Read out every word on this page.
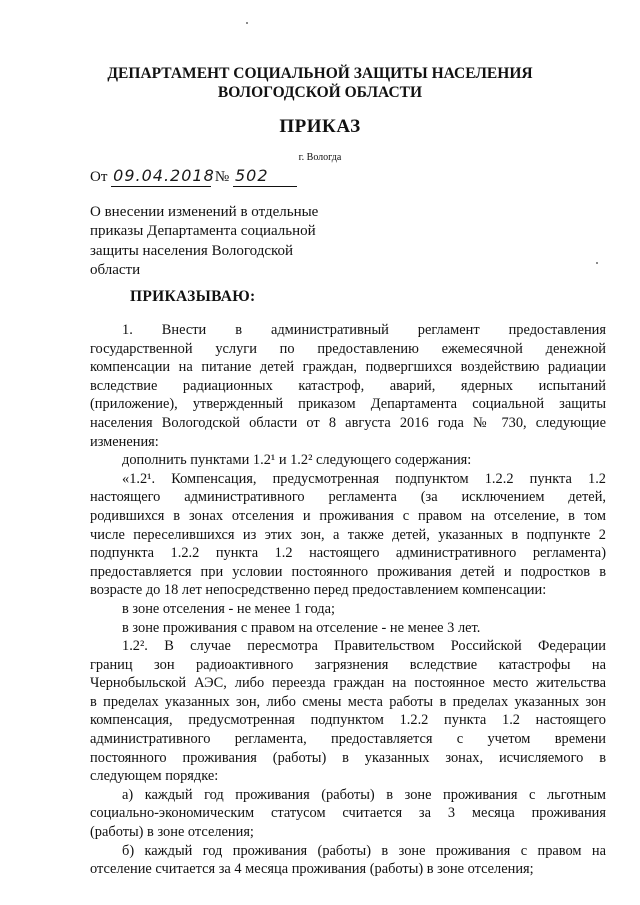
ДЕПАРТАМЕНТ СОЦИАЛЬНОЙ ЗАЩИТЫ НАСЕЛЕНИЯ
ВОЛОГОДСКОЙ ОБЛАСТИ
ПРИКАЗ
г. Вологда
От 09.04.2018 № 502
О внесении изменений в отдельные
приказы Департамента социальной
защиты населения Вологодской
области
ПРИКАЗЫВАЮ:
1. Внести в административный регламент предоставления
государственной услуги по предоставлению ежемесячной денежной
компенсации на питание детей граждан, подвергшихся воздействию радиации
вследствие радиационных катастроф, аварий, ядерных испытаний
(приложение), утвержденный приказом Департамента социальной защиты
населения Вологодской области от 8 августа 2016 года № 730, следующие
изменения:
дополнить пунктами 1.2¹ и 1.2² следующего содержания:
«1.2¹. Компенсация, предусмотренная подпунктом 1.2.2 пункта 1.2
настоящего административного регламента (за исключением детей,
родившихся в зонах отселения и проживания с правом на отселение, в том
числе переселившихся из этих зон, а также детей, указанных в подпункте 2
подпункта 1.2.2 пункта 1.2 настоящего административного регламента)
предоставляется при условии постоянного проживания детей и подростков в
возрасте до 18 лет непосредственно перед предоставлением компенсации:
в зоне отселения - не менее 1 года;
в зоне проживания с правом на отселение - не менее 3 лет.
1.2². В случае пересмотра Правительством Российской Федерации
границ зон радиоактивного загрязнения вследствие катастрофы на
Чернобыльской АЭС, либо переезда граждан на постоянное место жительства
в пределах указанных зон, либо смены места работы в пределах указанных зон
компенсация, предусмотренная подпунктом 1.2.2 пункта 1.2 настоящего
административного регламента, предоставляется с учетом времени
постоянного проживания (работы) в указанных зонах, исчисляемого в
следующем порядке:
а) каждый год проживания (работы) в зоне проживания с льготным
социально-экономическим статусом считается за 3 месяца проживания
(работы) в зоне отселения;
б) каждый год проживания (работы) в зоне проживания с правом на
отселение считается за 4 месяца проживания (работы) в зоне отселения;
